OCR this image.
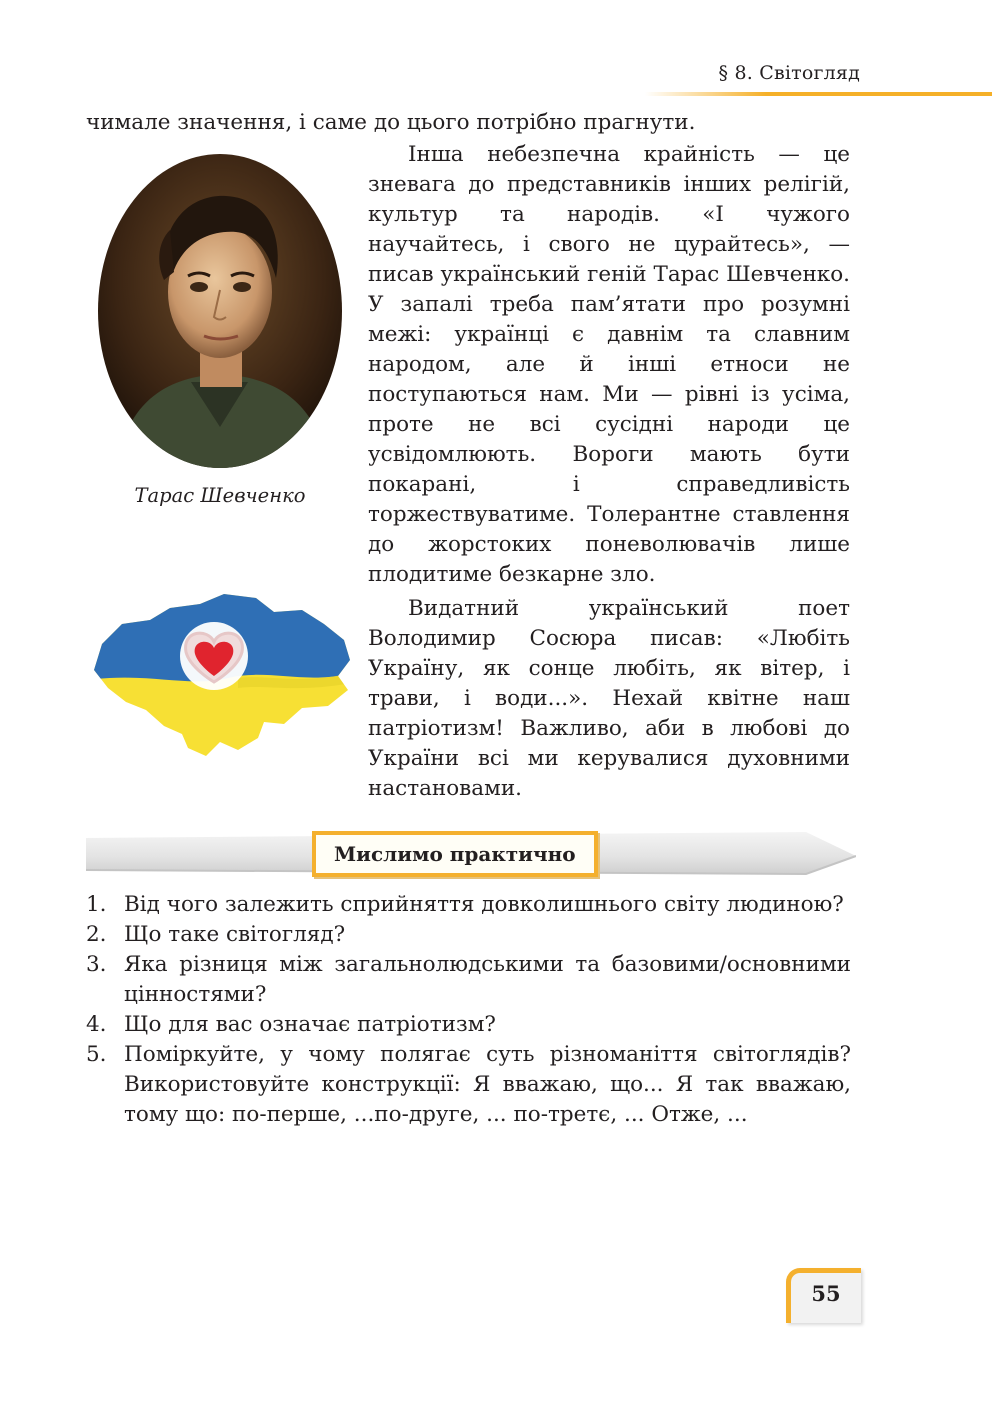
§ 8. Світогляд

чимале значення, і саме до цього потрібно прагнути.

Тарас Шевченко

Інша небезпечна крайність — це зневага до представників інших релігій, культур та народів. «І чужого научайтесь, і свого не цурайтесь», — писав український геній Тарас Шевченко. У запалі треба пам’ятати про розумні межі: українці є давнім та славним народом, але й інші етноси не поступаються нам. Ми — рівні із усіма, проте не всі сусідні народи це усвідомлюють. Вороги мають бути покарані, і справедливість торжествуватиме. Толерантне ставлення до жорстоких поневолювачів лише плодитиме безкарне зло.

Видатний український поет Володимир Сосюра писав: «Любіть Україну, як сонце любіть, як вітер, і трави, і води...». Нехай квітне наш патріотизм! Важливо, аби в любові до України всі ми керувалися духовними настановами.

Мислимо практично
1. Від чого залежить сприйняття довколишнього світу людиною?
2. Що таке світогляд?
3. Яка різниця між загальнолюдськими та базовими/основними цінностями?
4. Що для вас означає патріотизм?
5. Поміркуйте, у чому полягає суть різноманіття світоглядів? Використовуйте конструкції: Я вважаю, що... Я так вважаю, тому що: по-перше, ...по-друге, ... по-третє, ... Отже, ...
55
